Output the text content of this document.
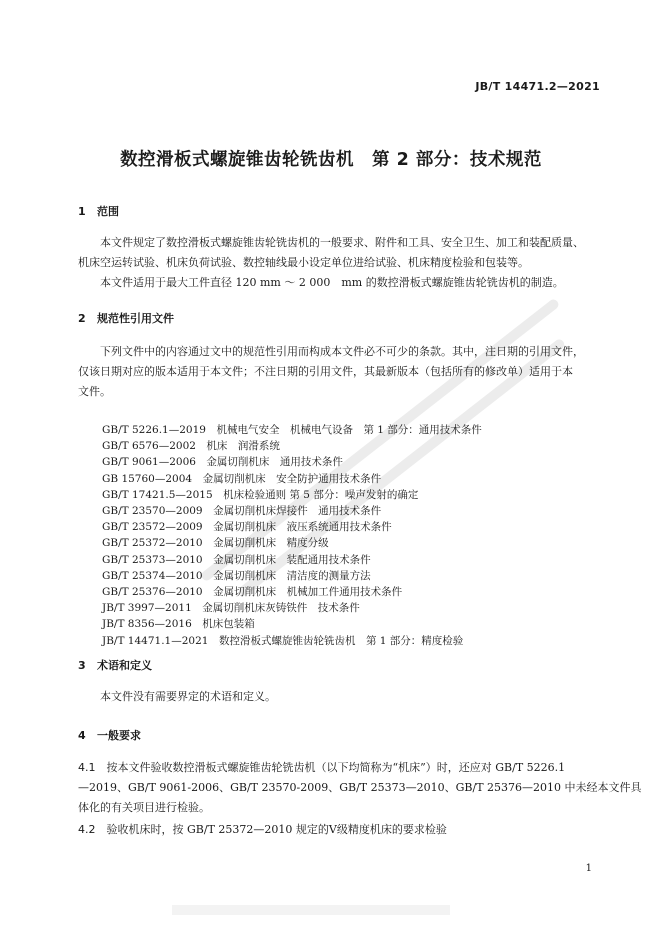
JB/T 14471.2—2021
数控滑板式螺旋锥齿轮铣齿机　第 2 部分：技术规范
1 范围
本文件规定了数控滑板式螺旋锥齿轮铣齿机的一般要求、附件和工具、安全卫生、加工和装配质量、
机床空运转试验、机床负荷试验、数控轴线最小设定单位进给试验、机床精度检验和包装等。
本文件适用于最大工件直径 120 mm ～ 2 000　mm 的数控滑板式螺旋锥齿轮铣齿机的制造。
2 规范性引用文件
下列文件中的内容通过文中的规范性引用而构成本文件必不可少的条款。其中，注日期的引用文件，
仅该日期对应的版本适用于本文件；不注日期的引用文件，其最新版本（包括所有的修改单）适用于本
文件。
GB/T 5226.1—2019　机械电气安全　机械电气设备　第 1 部分：通用技术条件
GB/T 6576—2002　机床　润滑系统
GB/T 9061—2006　金属切削机床　通用技术条件
GB 15760—2004　金属切削机床　安全防护通用技术条件
GB/T 17421.5—2015　机床检验通则 第 5 部分：噪声发射的确定
GB/T 23570—2009　金属切削机床焊接件　通用技术条件
GB/T 23572—2009　金属切削机床　液压系统通用技术条件
GB/T 25372—2010　金属切削机床　精度分级
GB/T 25373—2010　金属切削机床　装配通用技术条件
GB/T 25374—2010　金属切削机床　清洁度的测量方法
GB/T 25376—2010　金属切削机床　机械加工件通用技术条件
JB/T 3997—2011　金属切削机床灰铸铁件　技术条件
JB/T 8356—2016　机床包装箱
JB/T 14471.1—2021　数控滑板式螺旋锥齿轮铣齿机　第 1 部分：精度检验
3 术语和定义
本文件没有需要界定的术语和定义。
4 一般要求
4.1　 按本文件验收数控滑板式螺旋锥齿轮铣齿机（以下均简称为“机床”）时，还应对 GB/T 5226.1
—2019、GB/T 9061-2006、GB/T 23570-2009、GB/T 25373—2010、GB/T 25376—2010 中未经本文件具
体化的有关项目进行检验。
4.2　 验收机床时，按 GB/T 25372—2010 规定的Ⅴ级精度机床的要求检验
1
